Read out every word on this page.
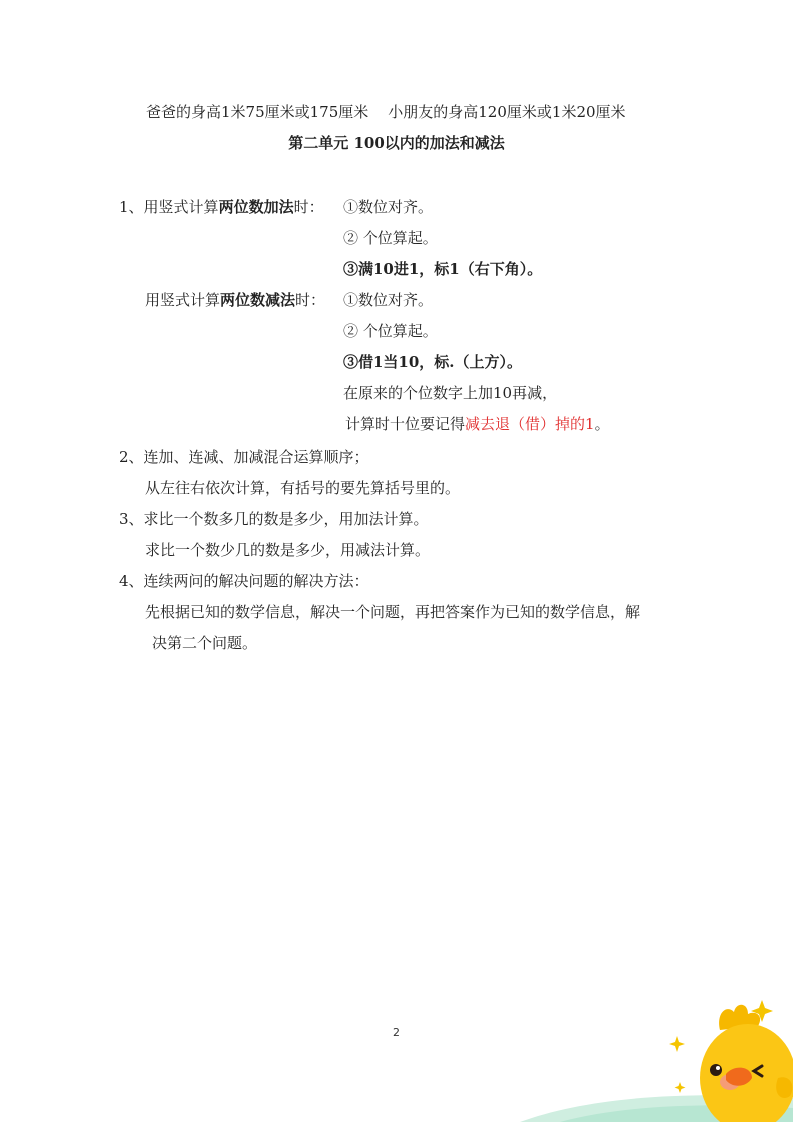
爸爸的身高1米75厘米或175厘米 小朋友的身高120厘米或1米20厘米
第二单元 100以内的加法和减法
1、用竖式计算两位数加法时： ①数位对齐。
② 个位算起。
③满10进1，标1（右下角）。
用竖式计算两位数减法时： ①数位对齐。
② 个位算起。
③借1当10，标.（上方）。
在原来的个位数字上加10再减，
计算时十位要记得减去退（借）掉的1。
2、连加、连减、加减混合运算顺序；
从左往右依次计算，有括号的要先算括号里的。
3、求比一个数多几的数是多少，用加法计算。
求比一个数少几的数是多少，用减法计算。
4、连续两问的解决问题的解决方法：
先根据已知的数学信息，解决一个问题，再把答案作为已知的数学信息，解
决第二个问题。
2
